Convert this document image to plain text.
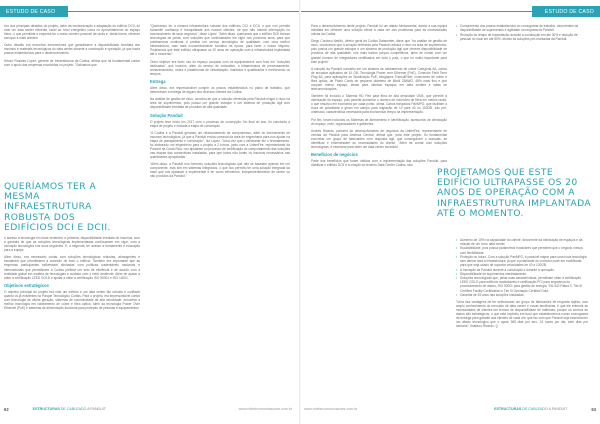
ESTUDO DE CASO	ESTUDO DE CASO

Um dos principais desafios do projeto, além da modernização e adaptação do edifício DCII, foi criar um data center eficiente, tanto ao nível energético como no aproveitamento do espaço físico, o que permitiria à empresa ter o maior número possível de racks e, desta forma, oferecer serviços a mais clientes.

Outro desafio era encontrar fornecedores que garantissem a disponibilidade imediata dos insumos e materiais tecnológicos do data center durante a construção e operação, já que havia prazos estabelecidos para o desenvolvimento.

Héctor Rosales López, gerente de Infraestrutura da Codiss, afirma que foi fundamental contar com o apoio das empresas envolvidas no projeto. "Sabíamos que

QUERÍAMOS TER A MESMA INFRAESTRUTURA ROBUSTA DOS EDIFÍCIOS DCI E DCII.

o acesso à tecnologia em duas vertentes: a primeira, disponibilidade imediata de insumos, com a garantia de que as soluções tecnológicas implementadas continuariam em vigor, com a inovação tecnológica nos anos seguintes. E, a segunda, ter acesso a treinamento e educação para a equipe.

Além disso, era necessário contar com soluções tecnológicas robustas, abrangentes e escaláveis que permitissem a conexão de todo o edifício. Também era importante que as empresas participantes estivessem alinhadas com políticas sustentáveis nacionais e internacionais que permitissem à Codiss pleitear um selo de eficiência e de acordo com a realidade global em matéria de tecnologias e cuidado com o meio ambiente. Além de ajudar a obter a certificação LEED GOLD e ajudar a obter a certificação ISO 50001 e ISO 14001.

Objetivos estratégicos

O objetivo principal do projeto era criar um edifício e um data center tão robusto e confiável quanto os já existentes no Parque Tecnológico Codiss. Para o projeto, era imprescindível contar com tecnologia de última geração, sistemas de conectividade de alta velocidade, encontrar a melhor tecnologia em cabeamento de cobre e fibra óptica, além da tecnologia Power Over Ethernet (PoE) e sistemas de alimentação funcional para proteção de pessoas e equipamentos.

"Queríamos ter a mesma infraestrutura robusta dos edifícios DCI e DCII, o que nos permite transmitir confiança e tranquilidade aos nossos clientes, de que não haverá interrupção no funcionamento de seus negócios", disse López. "Além disso, queríamos que o edifício DCII tivesse tecnologias de ponta, com soluções que continuassem em vigor nos próximos anos, para que pudéssemos continuar a prestar um serviço tecnológico de qualidade, com uma melhor infraestrutura, mas mais economicamente lucrativo na época, para fazer o nosso negócio. Projetamos que este edifício ultrapasse os 20 anos de operação com a infraestrutura implantada até o momento".

Outro objetivo era fazer uso do espaço ocupado com os equipamentos com foco em "soluções dedicadas", que incluem, além do serviço de colocation, a infraestrutura de processamento, armazenamento, redes e plataformas de virtualização, mantidos e qualificados e melhorando os tempos.

Entrega

Além disso, era imprescindível cumprir os prazos estabelecidos no plano de trabalho, que determinam a entrega de alguns dos diversos clientes da Codiss.

Na análise de gestão de risco, concluiu-se que a solução oferecida pela Panduit exigia o risco na área de suprimentos, pois possui um grande estoque e um sistema de produção ágil com disponibilidade imediata de produtos de alta qualidade.

Solução Panduit

O projeto teve início em 2017 com o processo de concepção. No final do ano, foi concluída a etapa de projeto e iniciada a etapa de construção.

"A Codiss e a Panduit geraram um relacionamento de compromisso, além do fornecimento de insumos tecnológicos, já que a Panduit enviou pessoal da área de engenharia para nos ajudar na etapa de planejamento e construção", diz López. "Uma vez que o fabricante fez o levantamento, foi elaborado um engenheiro para o projeto a 2 turnos, junto com a UniterFire, representante da Panduit na Costa Rica, nos ajudaram no processo de certificação do comportamento das soluções nas etapas das construtivas instaladas, para que todos não foram os insumos necessários nas quantidades apropriadas.

"Além disso, a Panduit nos forneceu soluções tecnológicas que não se baseiam apenas em um componente, mas sim em sistemas integrados, o que nos permitiu ter uma solução integrada da base que nos ajudasse a implementar e ter como elementos, independentemente de serem ou não produtos da Panduit."

Para o desenvolvimento deste projeto, Panduit foi um aliado fundamental, dando a sua equipa imediata em oferecer uma solução eficaz a cada um dos problemas para as necessidades únicas da Codiss.

Diego Cordoso Neirão, diretor geral da Codiss Datacenter, disse que "na análise de gestão de risco, concluímos que a solução oferecida pela Panduit reduzia o risco na área de suprimentos, pois possui um grande estoque e um sistema de produção ágil que oferece disponibilidade de produtos de alta qualidade, nos mais baixos preços competitivos, além de contar com um grande número de integradores certificados em todo o país, o que foi muito importante para este projeto".

A solução da Panduit consistiu em um sistema de cabeamento de cobre Categoria 6A, canos de encostar aplicados de 10 GB, Tecnologia Power over Ethernet (PoE), Conector Field Term Plug 6A, para aplicações de Sinalização PoE; trilogiques TransdiFiber, conectores de cobre e fibra óptica, de Patch Cords de pequeno diâmetro de Mini4 28AWG, 48% mais fino e que ocupam menor espaço, ideais para otimizar espaços em data centers e salas de telecomunicações.

Também foi incluído o Sistema HD Flex para fibra de alta densidade OM4, que permite a otimização do espaço, pois permite aumentar o número de conexões de fibra em menos racks, o que resultou em economia por cada ponto, obras. Cabos trançados PanMPO, que facilitam a troca de polaridade e giram em campo para migração de 10 para 40 ou 100GB, são pré-ordenado, característica necessária para economizar tempo na implementação.

Por fim, foram incluídos os Sistemas de Aterramento e Identificação, acessórios de otimização do espaço, rede, organizadores e gabinetes.

Andrés Ricardo, parceiro do desenvolvimento de negócios da UniterFire, representante de vendas da Panduit para América Central, afirma que, para este projeto, foi fundamental encontrar um grupo de fabricantes com resposta ágil, que conseguiram o manuais, se identificar e entendessem as necessidades do cliente. "Além de contar com soluções tecnológicas, é essencial para obter um data center sucedido".

Benefícios de negócios

Parte dos benefícios que foram obtidos com a implementação das soluções Panduit, para viabilizar o edifício DCII e a criação do terceiro Data Center Codiss, são:

• Cumprimento dos prazos estabelecidos no cronograma de trabalho, decorrentes da disponibilidade de suprimentos e agilidade na resposta da Panduit.
• Redução do tempo de implantação durante a construção em até 30% e redução de pessoal no local em até 50%, devido às soluções pré-montadas da Panduit.
PROJETAMOS QUE ESTE EDIFÍCIO ULTRAPASSE OS 20 ANOS DE OPERAÇÃO COM A INFRAESTRUTURA IMPLANTADA ATÉ O MOMENTO.
• Aumento de 10% na capacidade do cliente, decorrente da otimização de espaços e da criação de um novo data center.
• Escalabilidade, pois possui parâmetros modulares que permitem que o negócio cresça com flexibilidade.
• Proteção no futuro. Com a solução PanMPO, é possível migrar para uma nova tecnologia sem alterar toda a infraestrutura, já que a polaridade do conector pode ser modificada para que seja usado de suportar velocidades de 40 a 100GB.
• A Inovação da Panduit durante a construção e durante a operação.
• Disponibilidade de suprimentos imediatamente.
• Soluções tecnológicas que, pelas suas características, permitiram obter a certificação LEED GOLD para edifícios sustentáveis e certificação PCI para segurança do processamento de dados, ISO 50001 para gestão de energia, TIA-942 Rated 3, Tier III Certified Facility Certification e Tier III Operação Certified Gold.
• Garantia de 25 anos nas soluções instaladas.

"Uma das vantagens de ter selecionado um grupo de fabricantes de resposta rápida, com amplo conhecimento do mercado de data center e novas tendências, é que ele entende as necessidades de clientes em termos de disponibilidade de materiais, porque os centros de dados são estratégicos, o que está implícito em tudo que estabelecemos nosso cronograma de entrega para garantir aos clientes de cada um, que faz com que Panduit seja essencial ter um aliado tecnológico que o apoie 365 dias por ano, 24 horas por dia, sete dias por semana", finalizou Ricardo. ()

62	ESTRUCTURAS DE CABLEADO A PANDUIT	www.rcttelecomunicacoes.com.br	www.rcttelecomunicacoes.com.br	ESTRUCTURAS DE CABLEADO A PANDUIT	63
